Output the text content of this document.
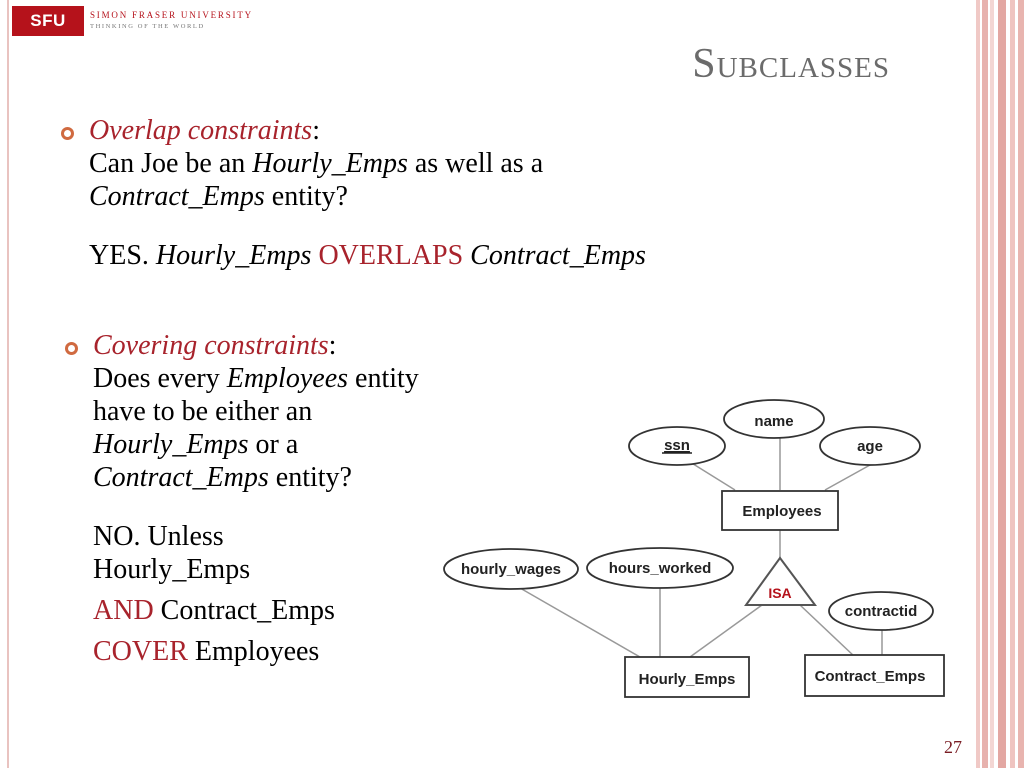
SFU	SIMON FRASER UNIVERSITY
THINKING OF THE WORLD
Subclasses
Overlap constraints:
Can Joe be an Hourly_Emps as well as a
Contract_Emps entity?
YES. Hourly_Emps OVERLAPS Contract_Emps
Covering constraints:
Does every Employees entity
have to be either an
Hourly_Emps or a
Contract_Emps entity?
NO. Unless
Hourly_Emps
AND Contract_Emps
COVER Employees
name
ssn	age
Employees
hourly_wages	hours_worked
ISA
contractid
Hourly_Emps	Contract_Emps
27
